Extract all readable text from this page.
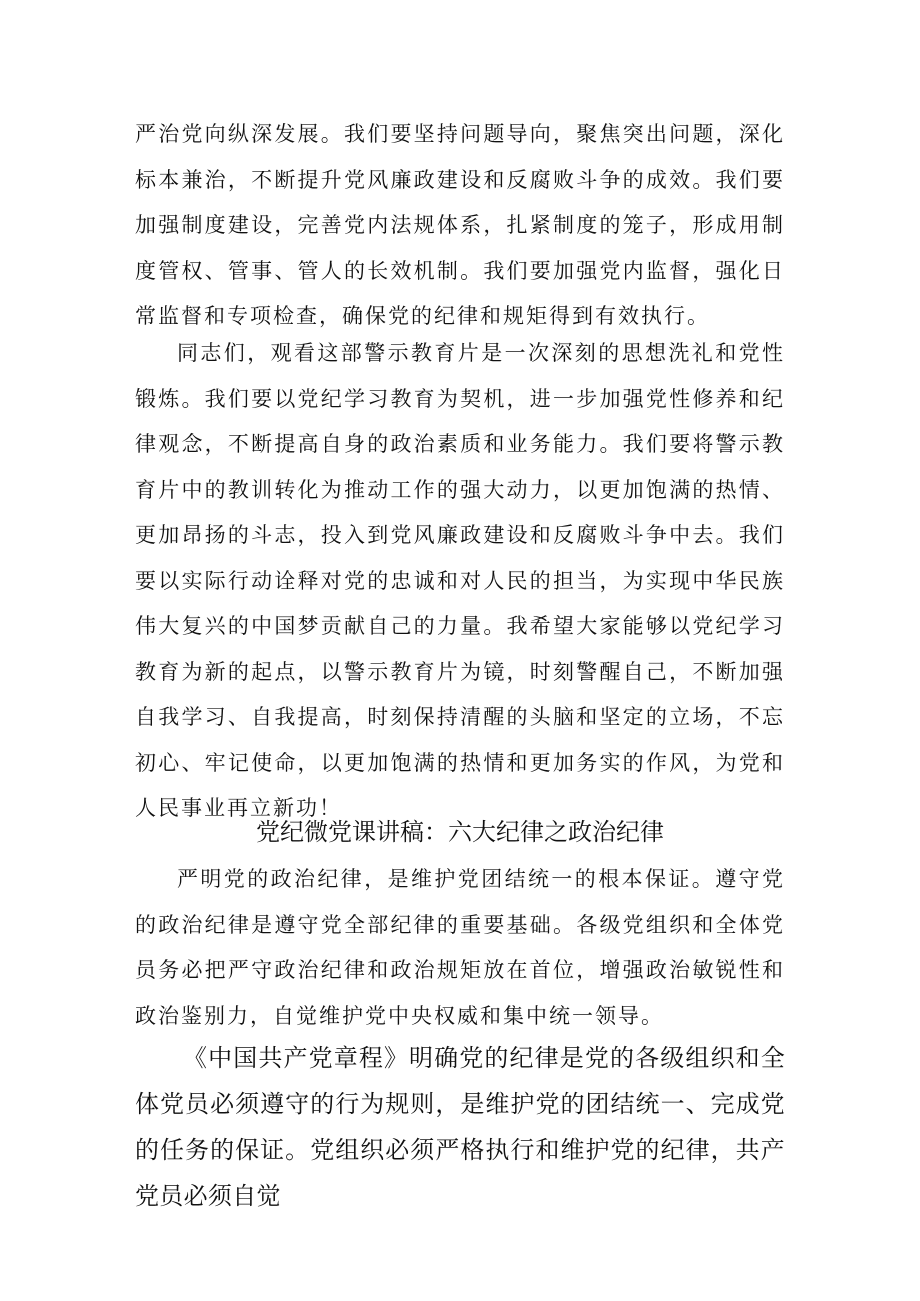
严治党向纵深发展。我们要坚持问题导向，聚焦突出问题，深化标本兼治，不断提升党风廉政建设和反腐败斗争的成效。我们要加强制度建设，完善党内法规体系，扎紧制度的笼子，形成用制度管权、管事、管人的长效机制。我们要加强党内监督，强化日常监督和专项检查，确保党的纪律和规矩得到有效执行。

同志们，观看这部警示教育片是一次深刻的思想洗礼和党性锻炼。我们要以党纪学习教育为契机，进一步加强党性修养和纪律观念，不断提高自身的政治素质和业务能力。我们要将警示教育片中的教训转化为推动工作的强大动力，以更加饱满的热情、更加昂扬的斗志，投入到党风廉政建设和反腐败斗争中去。我们要以实际行动诠释对党的忠诚和对人民的担当，为实现中华民族伟大复兴的中国梦贡献自己的力量。我希望大家能够以党纪学习教育为新的起点，以警示教育片为镜，时刻警醒自己，不断加强自我学习、自我提高，时刻保持清醒的头脑和坚定的立场，不忘初心、牢记使命，以更加饱满的热情和更加务实的作风，为党和人民事业再立新功！

党纪微党课讲稿：六大纪律之政治纪律

严明党的政治纪律，是维护党团结统一的根本保证。遵守党的政治纪律是遵守党全部纪律的重要基础。各级党组织和全体党员务必把严守政治纪律和政治规矩放在首位，增强政治敏锐性和政治鉴别力，自觉维护党中央权威和集中统一领导。

《中国共产党章程》明确党的纪律是党的各级组织和全体党员必须遵守的行为规则，是维护党的团结统一、完成党的任务的保证。党组织必须严格执行和维护党的纪律，共产党员必须自觉
